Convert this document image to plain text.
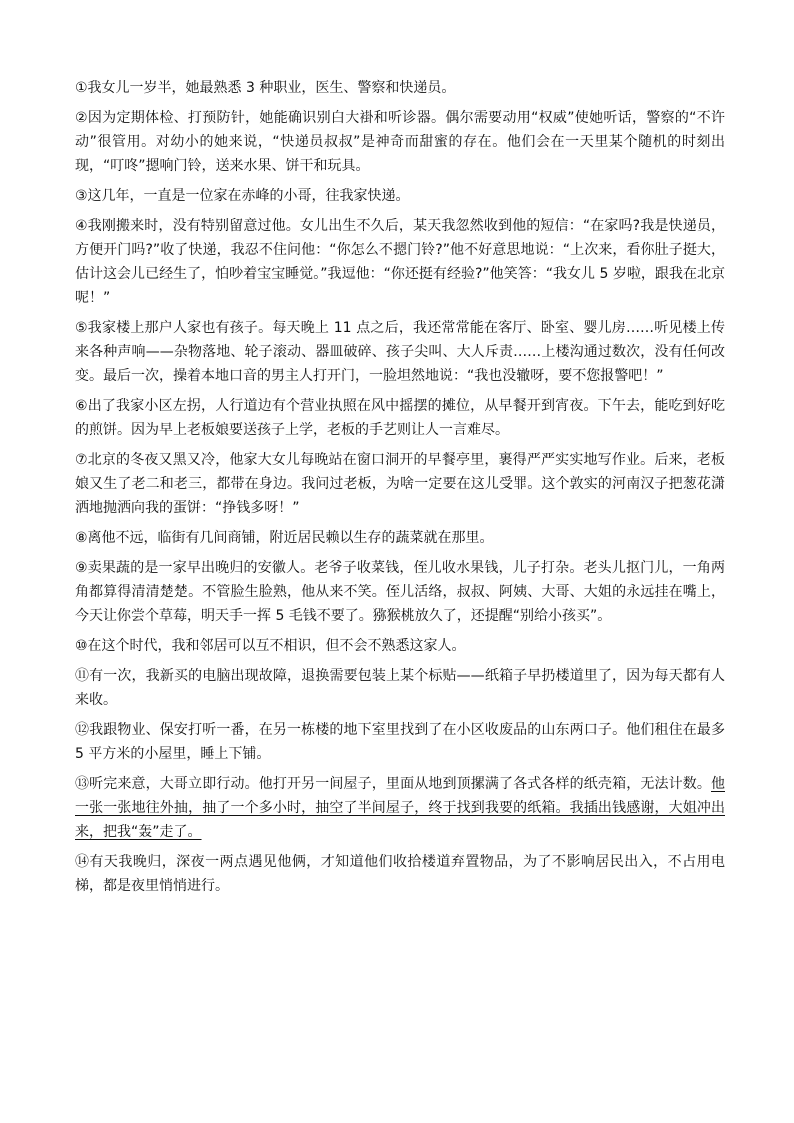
①我女儿一岁半，她最熟悉 3 种职业，医生、警察和快递员。

②因为定期体检、打预防针，她能确识别白大褂和听诊器。偶尔需要动用“权威”使她听话，警察的“不许动”很管用。对幼小的她来说，“快递员叔叔”是神奇而甜蜜的存在。他们会在一天里某个随机的时刻出现，“叮咚”摁响门铃，送来水果、饼干和玩具。

③这几年，一直是一位家在赤峰的小哥，往我家快递。

④我刚搬来时，没有特别留意过他。女儿出生不久后，某天我忽然收到他的短信：“在家吗?我是快递员，方便开门吗?”收了快递，我忍不住问他：“你怎么不摁门铃?”他不好意思地说：“上次来，看你肚子挺大，估计这会儿已经生了，怕吵着宝宝睡觉。”我逗他：“你还挺有经验?”他笑答：“我女儿 5 岁啦，跟我在北京呢！”

⑤我家楼上那户人家也有孩子。每天晚上 11 点之后，我还常常能在客厅、卧室、婴儿房……听见楼上传来各种声响——杂物落地、轮子滚动、器皿破碎、孩子尖叫、大人斥责……上楼沟通过数次，没有任何改变。最后一次，操着本地口音的男主人打开门，一脸坦然地说：“我也没辙呀，要不您报警吧！”

⑥出了我家小区左拐，人行道边有个营业执照在风中摇摆的摊位，从早餐开到宵夜。下午去，能吃到好吃的煎饼。因为早上老板娘要送孩子上学，老板的手艺则让人一言难尽。

⑦北京的冬夜又黑又冷，他家大女儿每晚站在窗口洞开的早餐亭里，裹得严严实实地写作业。后来，老板娘又生了老二和老三，都带在身边。我问过老板，为啥一定要在这儿受罪。这个敦实的河南汉子把葱花潇洒地抛洒向我的蛋饼：“挣钱多呀！”

⑧离他不远，临街有几间商铺，附近居民赖以生存的蔬菜就在那里。

⑨卖果蔬的是一家早出晚归的安徽人。老爷子收菜钱，侄儿收水果钱，儿子打杂。老头儿抠门儿，一角两角都算得清清楚楚。不管脸生脸熟，他从来不笑。侄儿活络，叔叔、阿姨、大哥、大姐的永远挂在嘴上，今天让你尝个草莓，明天手一挥 5 毛钱不要了。猕猴桃放久了，还提醒“别给小孩买”。

⑩在这个时代，我和邻居可以互不相识，但不会不熟悉这家人。

⑪有一次，我新买的电脑出现故障，退换需要包装上某个标贴——纸箱子早扔楼道里了，因为每天都有人来收。

⑫我跟物业、保安打听一番，在另一栋楼的地下室里找到了在小区收废品的山东两口子。他们租住在最多 5 平方米的小屋里，睡上下铺。

⑬听完来意，大哥立即行动。他打开另一间屋子，里面从地到顶摞满了各式各样的纸壳箱，无法计数。他一张一张地往外抽，抽了一个多小时，抽空了半间屋子，终于找到我要的纸箱。我插出钱感谢，大姐冲出来，把我“轰”走了。

⑭有天我晚归，深夜一两点遇见他俩，才知道他们收拾楼道弃置物品，为了不影响居民出入，不占用电梯，都是夜里悄悄进行。
